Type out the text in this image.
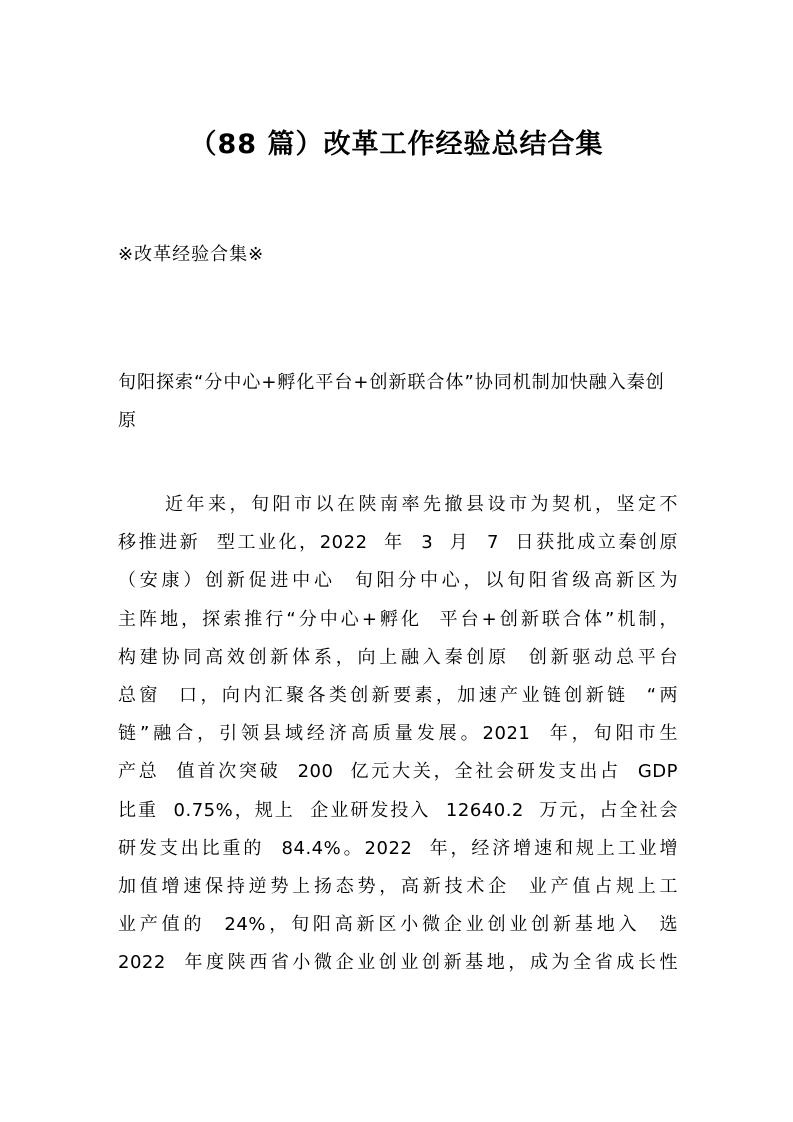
（88 篇）改革工作经验总结合集
※改革经验合集※
旬阳探索“分中心+孵化平台+创新联合体”协同机制加快融入秦创原
近年来，旬阳市以在陕南率先撤县设市为契机，坚定不
移推进新  型工业化，2022  年  3  月  7  日获批成立秦创原
（安康）创新促进中心  旬阳分中心，以旬阳省级高新区为
主阵地，探索推行“分中心+孵化  平台+创新联合体”机制，
构建协同高效创新体系，向上融入秦创原  创新驱动总平台
总窗  口，向内汇聚各类创新要素，加速产业链创新链  “两
链”融合，引领县域经济高质量发展。2021  年，旬阳市生
产总  值首次突破  200  亿元大关，全社会研发支出占  GDP
比重  0.75%，规上  企业研发投入  12640.2  万元，占全社会
研发支出比重的  84.4%。2022  年，经济增速和规上工业增
加值增速保持逆势上扬态势，高新技术企  业产值占规上工
业产值的  24%，旬阳高新区小微企业创业创新基地入  选
2022  年度陕西省小微企业创业创新基地，成为全省成长性
